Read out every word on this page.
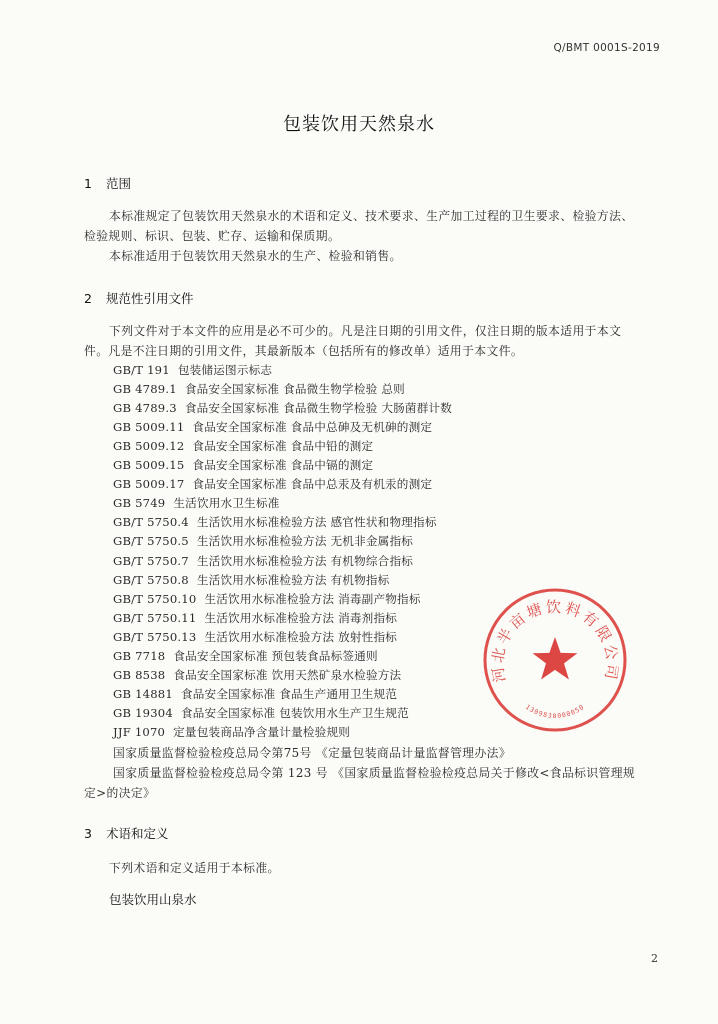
Q/BMT 0001S-2019
包装饮用天然泉水
1 范围
本标准规定了包装饮用天然泉水的术语和定义、技术要求、生产加工过程的卫生要求、检验方法、
检验规则、标识、包装、贮存、运输和保质期。
本标准适用于包装饮用天然泉水的生产、检验和销售。
2 规范性引用文件
下列文件对于本文件的应用是必不可少的。凡是注日期的引用文件，仅注日期的版本适用于本文
件。凡是不注日期的引用文件，其最新版本（包括所有的修改单）适用于本文件。
GB/T 191 包装储运图示标志
GB 4789.1 食品安全国家标准 食品微生物学检验 总则
GB 4789.3 食品安全国家标准 食品微生物学检验 大肠菌群计数
GB 5009.11 食品安全国家标准 食品中总砷及无机砷的测定
GB 5009.12 食品安全国家标准 食品中铅的测定
GB 5009.15 食品安全国家标准 食品中镉的测定
GB 5009.17 食品安全国家标准 食品中总汞及有机汞的测定
GB 5749 生活饮用水卫生标准
GB/T 5750.4 生活饮用水标准检验方法 感官性状和物理指标
GB/T 5750.5 生活饮用水标准检验方法 无机非金属指标
GB/T 5750.7 生活饮用水标准检验方法 有机物综合指标
GB/T 5750.8 生活饮用水标准检验方法 有机物指标
GB/T 5750.10 生活饮用水标准检验方法 消毒副产物指标
GB/T 5750.11 生活饮用水标准检验方法 消毒剂指标
GB/T 5750.13 生活饮用水标准检验方法 放射性指标
GB 7718 食品安全国家标准 预包装食品标签通则
GB 8538 食品安全国家标准 饮用天然矿泉水检验方法
GB 14881 食品安全国家标准 食品生产通用卫生规范
GB 19304 食品安全国家标准 包装饮用水生产卫生规范
JJF 1070 定量包装商品净含量计量检验规则
国家质量监督检验检疫总局令第75号 《定量包装商品计量监督管理办法》
国家质量监督检验检疫总局令第 123 号 《国家质量监督检验检疫总局关于修改<食品标识管理规
定>的决定》
3 术语和定义
下列术语和定义适用于本标准。
包装饮用山泉水
河北半亩塘饮料有限公司
1309838000050
2
